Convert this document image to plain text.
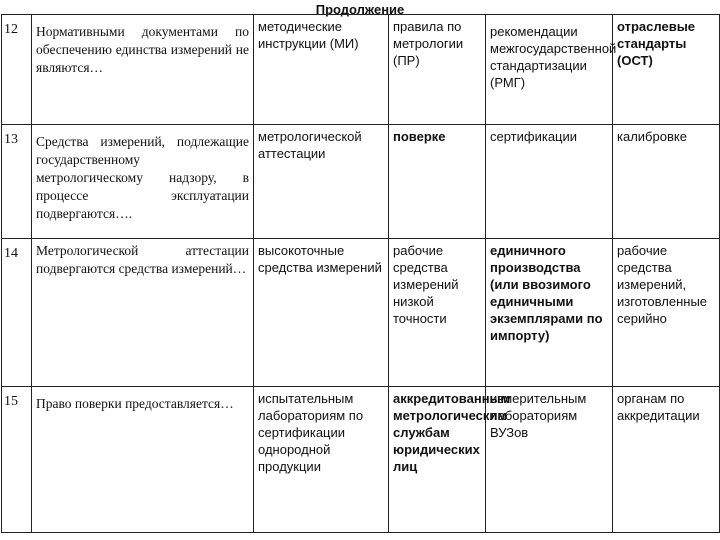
Продолжение
12	Нормативными документами по обеспечению единства измерений не являются…	методические инструкции (МИ)	правила по метрологии (ПР)	рекомендации межгосударственной стандартизации (РМГ)	отраслевые стандарты (ОСТ)
13	Средства измерений, подлежащие государственному метрологическому надзору, в процессе эксплуатации подвергаются….	метрологической аттестации	поверке	сертификации	калибровке
14	Метрологической аттестации подвергаются средства измерений…	высокоточные средства измерений	рабочие средства измерений низкой точности	единичного производства (или ввозимого единичными экземплярами по импорту)	рабочие средства измерений, изготовленные серийно
15	Право поверки предоставляется…	испытательным лабораториям по сертификации однородной продукции	аккредитованным метрологическим службам юридических лиц	измерительным лабораториям ВУЗов	органам по аккредитации
